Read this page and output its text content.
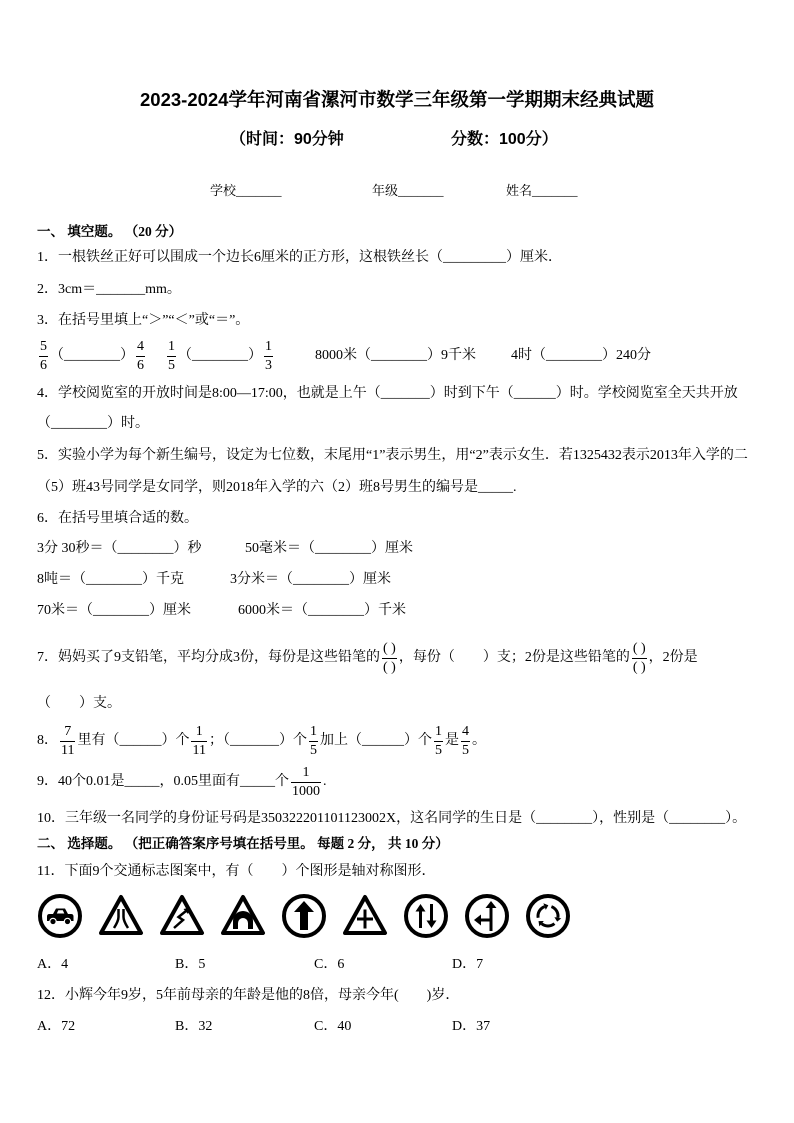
2023-2024学年河南省漯河市数学三年级第一学期期末经典试题
（时间：90分钟	分数：100分）
学校_______	年级_______	姓名_______
一、 填空题。 （20 分）
1．一根铁丝正好可以围成一个边长6厘米的正方形，这根铁丝长（_________）厘米．
2．3cm＝_______mm。
3．在括号里填上“＞”“＜”或“＝”。
$\frac{5}{6}$ （________） $\frac{4}{6} \frac{1}{5}$ （________） $\frac{1}{3}$	8000米（________）9千米	4时（________）240分
4．学校阅览室的开放时间是8:00—17:00，也就是上午（_______）时到下午（______）时。学校阅览室全天共开放
（________）时。
5．实验小学为每个新生编号，设定为七位数，末尾用“1”表示男生，用“2”表示女生．若1325432表示2013年入学的二
（5）班43号同学是女同学，则2018年入学的六（2）班8号男生的编号是_____.
6．在括号里填合适的数。
3分 30秒＝（________）秒	50毫米＝（________）厘米
8吨＝（________）千克	3分米＝（________）厘米
70米＝（________）厘米	6000米＝（________）千米
7．妈妈买了9支铅笔，平均分成3份，每份是这些铅笔的 $\frac{( )}{( )}$ ，每份（　　）支；2份是这些铅笔的 $\frac{( )}{( )}$ ，2份是
（　　）支。
8． $\frac{7}{11}$ 里有（______）个 $\frac{1}{11}$ ；（_______）个 $\frac{1}{5}$ 加上（______）个 $\frac{1}{5}$ 是 $\frac{4}{5}$ 。
9．40个0.01是_____，0.05里面有_____个 $\frac{1}{1000}$ .
10．三年级一名同学的身份证号码是350322201101123002X，这名同学的生日是（________），性别是（________）。
二、 选择题。 （把正确答案序号填在括号里。 每题 2 分， 共 10 分）
11．下面9个交通标志图案中，有（　　）个图形是轴对称图形．
A．4	B．5	C．6	D．7
12．小辉今年9岁，5年前母亲的年龄是他的8倍，母亲今年(　　)岁．
A．72	B．32	C．40	D．37
